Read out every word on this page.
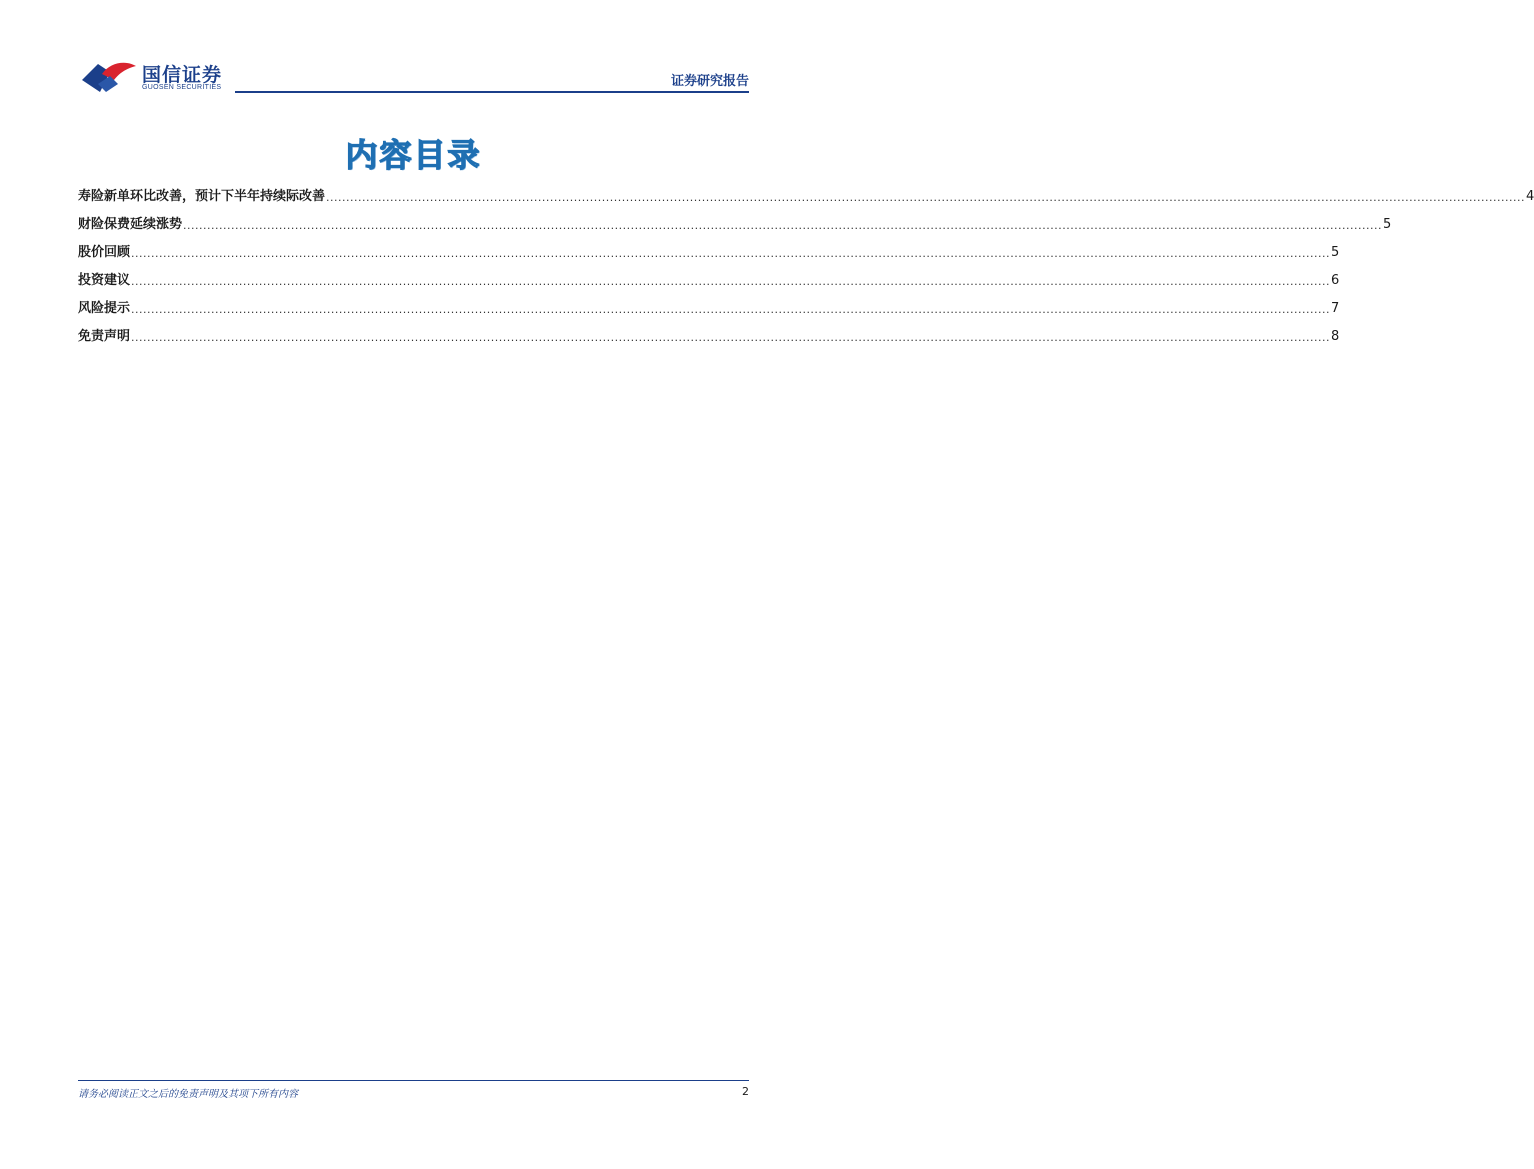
国信证券
GUOSEN SECURITIES	证券研究报告
内容目录
寿险新单环比改善，预计下半年持续际改善 ............................................................................................................................................................................................................................................................................................................ 4
财险保费延续涨势 ............................................................................................................................................................................................................................................................................................................ 5
股价回顾 ............................................................................................................................................................................................................................................................................................................ 5
投资建议 ............................................................................................................................................................................................................................................................................................................ 6
风险提示 ............................................................................................................................................................................................................................................................................................................ 7
免责声明 ............................................................................................................................................................................................................................................................................................................ 8
请务必阅读正文之后的免责声明及其项下所有内容	2
